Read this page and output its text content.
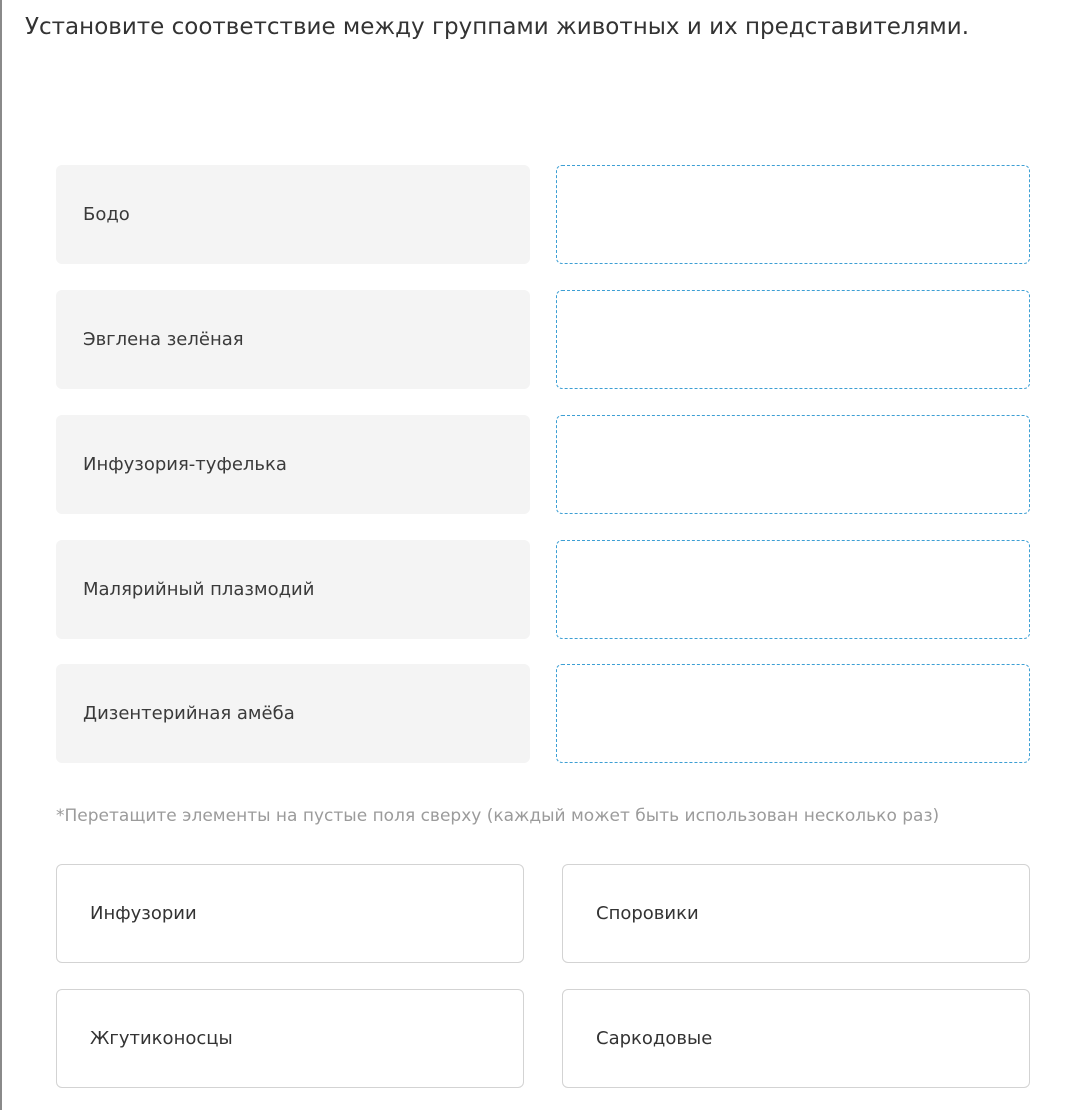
Установите соответствие между группами животных и их представителями.
Бодо
Эвглена зелёная
Инфузория-туфелька
Малярийный плазмодий
Дизентерийная амёба
*Перетащите элементы на пустые поля сверху (каждый может быть использован несколько раз)
Инфузории	Споровики
Жгутиконосцы	Саркодовые
